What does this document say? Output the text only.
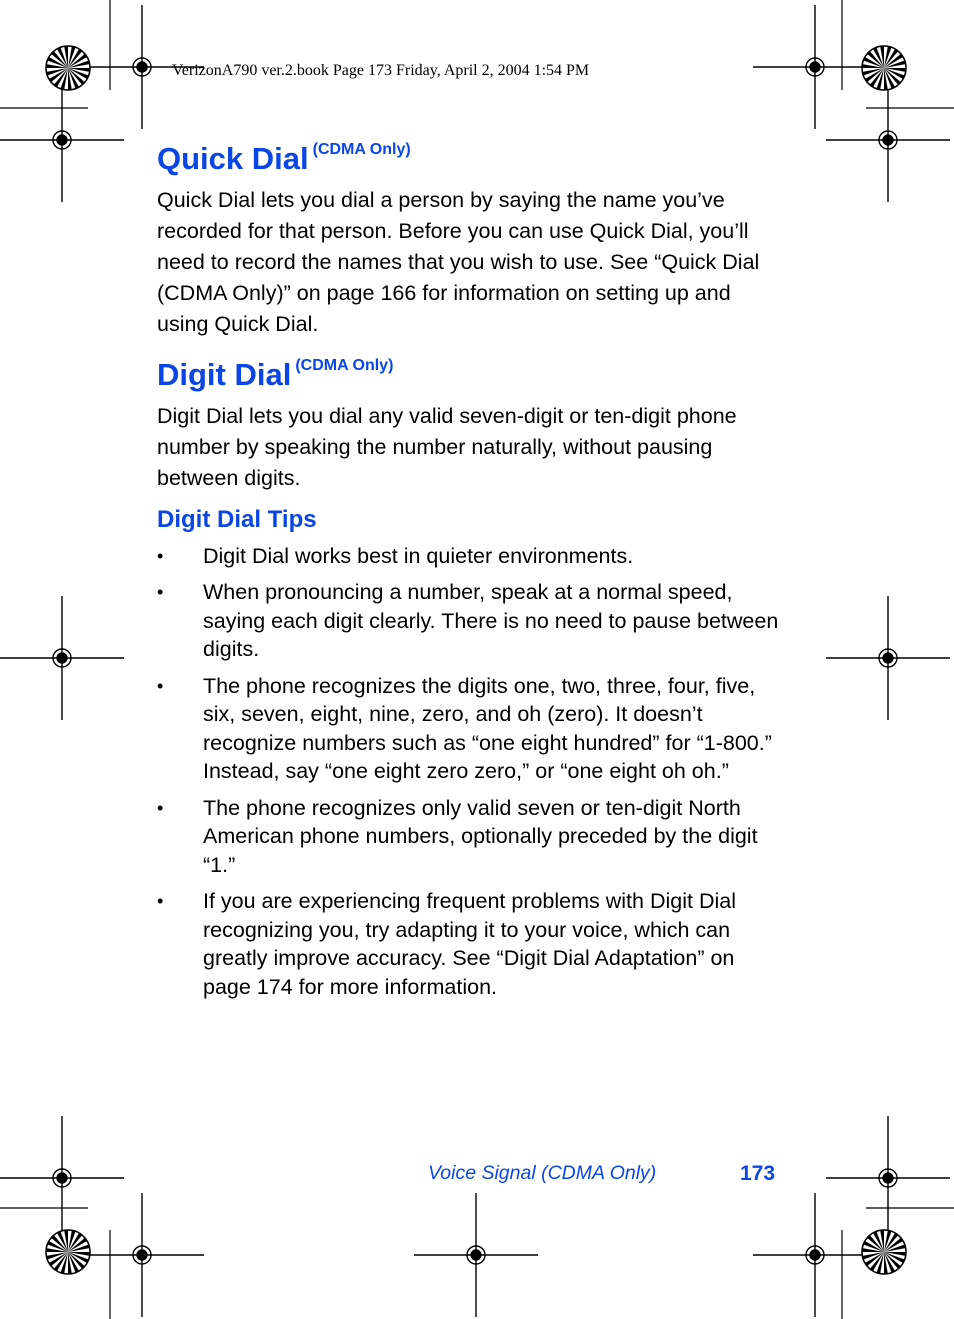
VerizonA790 ver.2.book Page 173 Friday, April 2, 2004 1:54 PM
Quick Dial $^{(CDMA Only)}$

Quick Dial lets you dial a person by saying the name you’ve recorded for that person. Before you can use Quick Dial, you’ll need to record the names that you wish to use. See “Quick Dial (CDMA Only)” on page 166 for information on setting up and using Quick Dial.

Digit Dial $^{(CDMA Only)}$

Digit Dial lets you dial any valid seven-digit or ten-digit phone number by speaking the number naturally, without pausing between digits.

Digit Dial Tips
• Digit Dial works best in quieter environments.
• When pronouncing a number, speak at a normal speed, saying each digit clearly. There is no need to pause between digits.
• The phone recognizes the digits one, two, three, four, five, six, seven, eight, nine, zero, and oh (zero). It doesn’t recognize numbers such as “one eight hundred” for “1-800.” Instead, say “one eight zero zero,” or “one eight oh oh.”
• The phone recognizes only valid seven or ten-digit North American phone numbers, optionally preceded by the digit “1.”
• If you are experiencing frequent problems with Digit Dial recognizing you, try adapting it to your voice, which can greatly improve accuracy. See “Digit Dial Adaptation” on page 174 for more information.
Voice Signal (CDMA Only)	173
